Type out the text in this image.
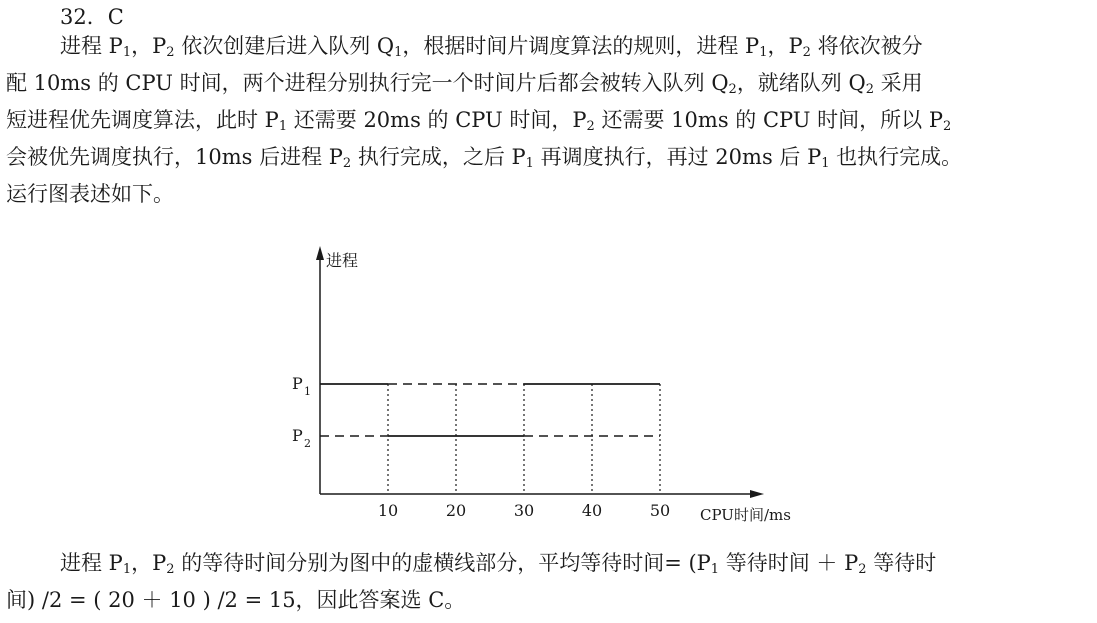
32．C
进程 $P_1$，$P_2$ 依次创建后进入队列 $Q_1$，根据时间片调度算法的规则，进程 $P_1$，$P_2$ 将依次被分
配 10ms 的 CPU 时间，两个进程分别执行完一个时间片后都会被转入队列 $Q_2$，就绪队列 $Q_2$ 采用
短进程优先调度算法，此时 $P_1$ 还需要 20ms 的 CPU 时间，$P_2$ 还需要 10ms 的 CPU 时间，所以 $P_2$
会被优先调度执行，10ms 后进程 $P_2$ 执行完成，之后 $P_1$ 再调度执行，再过 20ms 后 $P_1$ 也执行完成。
运行图表述如下。
进程
CPU时间/ms
10	20	30	40	50
P 1
P 2
进程 $P_1$，$P_2$ 的等待时间分别为图中的虚横线部分，平均等待时间= ($P_1$ 等待时间 ＋ $P_2$ 等待时
间) /2 = ( 20 ＋ 10 ) /2 = 15，因此答案选 C。
